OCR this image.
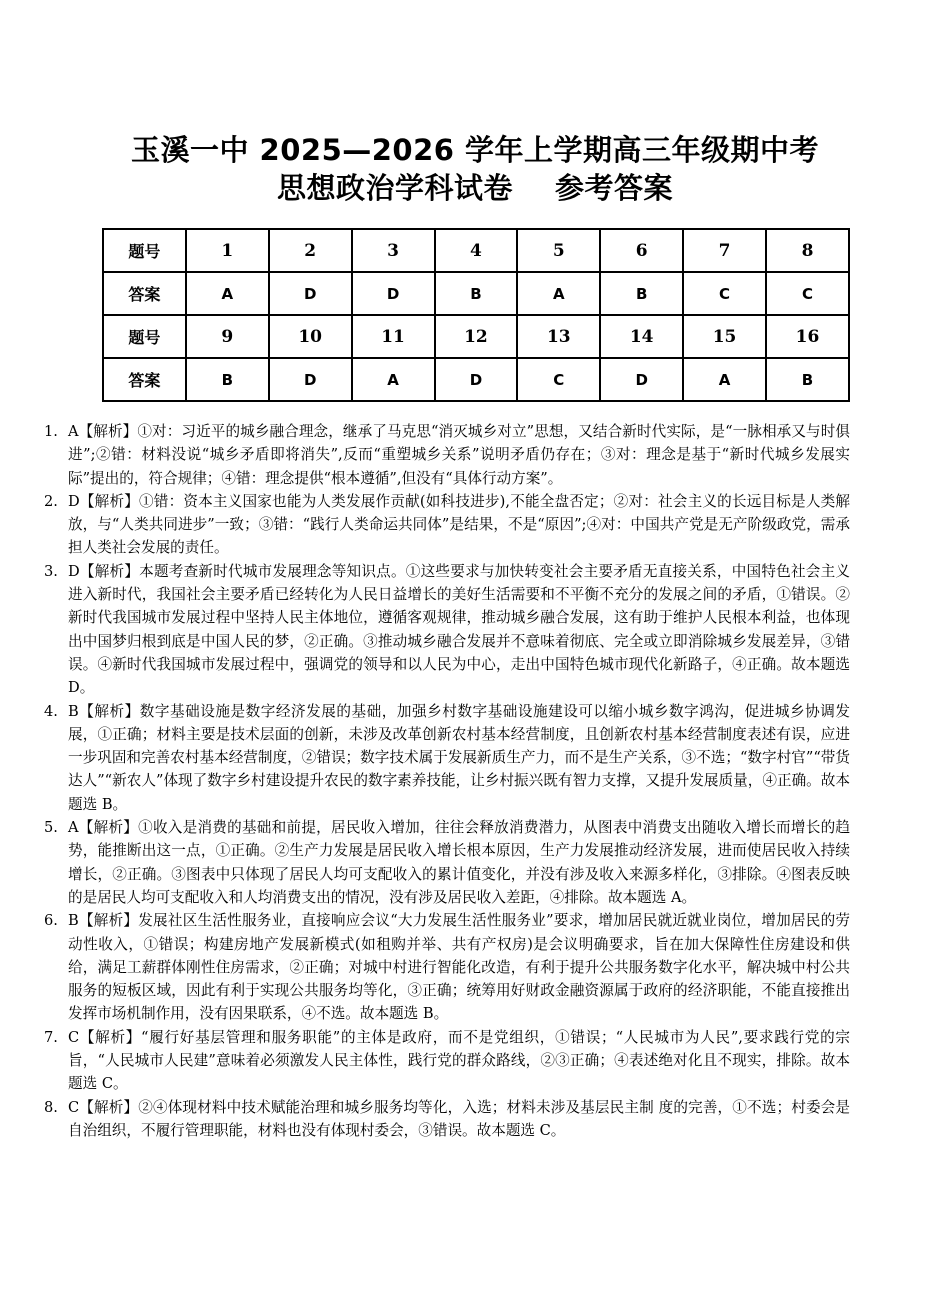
玉溪一中 2025—2026 学年上学期高三年级期中考
思想政治学科试卷 参考答案
题号	1	2	3	4	5	6	7	8
答案	A	D	D	B	A	B	C	C
题号	9	10	11	12	13	14	15	16
答案	B	D	A	D	C	D	A	B

1. A【解析】①对：习近平的城乡融合理念，继承了马克思“消灭城乡对立”思想，又结合新时代实际，是“一脉相承又与时俱进”;②错：材料没说“城乡矛盾即将消失”,反而“重塑城乡关系”说明矛盾仍存在；③对：理念是基于“新时代城乡发展实际”提出的，符合规律；④错：理念提供“根本遵循”,但没有“具体行动方案”。

2. D【解析】①错：资本主义国家也能为人类发展作贡献(如科技进步),不能全盘否定；②对：社会主义的长远目标是人类解放，与“人类共同进步”一致；③错：“践行人类命运共同体”是结果，不是“原因”;④对：中国共产党是无产阶级政党，需承担人类社会发展的责任。

3. D【解析】本题考查新时代城市发展理念等知识点。①这些要求与加快转变社会主要矛盾无直接关系，中国特色社会主义进入新时代，我国社会主要矛盾已经转化为人民日益增长的美好生活需要和不平衡不充分的发展之间的矛盾，①错误。②新时代我国城市发展过程中坚持人民主体地位，遵循客观规律，推动城乡融合发展，这有助于维护人民根本利益，也体现出中国梦归根到底是中国人民的梦，②正确。③推动城乡融合发展并不意味着彻底、完全或立即消除城乡发展差异，③错误。④新时代我国城市发展过程中，强调党的领导和以人民为中心，走出中国特色城市现代化新路子，④正确。故本题选 D。

4. B【解析】数字基础设施是数字经济发展的基础，加强乡村数字基础设施建设可以缩小城乡数字鸿沟，促进城乡协调发展，①正确；材料主要是技术层面的创新，未涉及改革创新农村基本经营制度，且创新农村基本经营制度表述有误，应进一步巩固和完善农村基本经营制度，②错误；数字技术属于发展新质生产力，而不是生产关系，③不选；“数字村官”“带货达人”“新农人”体现了数字乡村建设提升农民的数字素养技能，让乡村振兴既有智力支撑，又提升发展质量，④正确。故本题选 B。

5. A【解析】①收入是消费的基础和前提，居民收入增加，往往会释放消费潜力，从图表中消费支出随收入增长而增长的趋势，能推断出这一点，①正确。②生产力发展是居民收入增长根本原因，生产力发展推动经济发展，进而使居民收入持续增长，②正确。③图表中只体现了居民人均可支配收入的累计值变化，并没有涉及收入来源多样化，③排除。④图表反映的是居民人均可支配收入和人均消费支出的情况，没有涉及居民收入差距，④排除。故本题选 A。

6. B【解析】发展社区生活性服务业，直接响应会议“大力发展生活性服务业”要求，增加居民就近就业岗位，增加居民的劳动性收入，①错误；构建房地产发展新模式(如租购并举、共有产权房)是会议明确要求，旨在加大保障性住房建设和供给，满足工薪群体刚性住房需求，②正确；对城中村进行智能化改造，有利于提升公共服务数字化水平，解决城中村公共服务的短板区域，因此有利于实现公共服务均等化，③正确；统筹用好财政金融资源属于政府的经济职能，不能直接推出发挥市场机制作用，没有因果联系，④不选。故本题选 B。

7. C【解析】“履行好基层管理和服务职能”的主体是政府，而不是党组织，①错误；“人民城市为人民”,要求践行党的宗旨，“人民城市人民建”意味着必须激发人民主体性，践行党的群众路线，②③正确；④表述绝对化且不现实，排除。故本题选 C。

8. C【解析】②④体现材料中技术赋能治理和城乡服务均等化，入选；材料未涉及基层民主制 度的完善，①不选；村委会是自治组织，不履行管理职能，材料也没有体现村委会，③错误。故本题选 C。
